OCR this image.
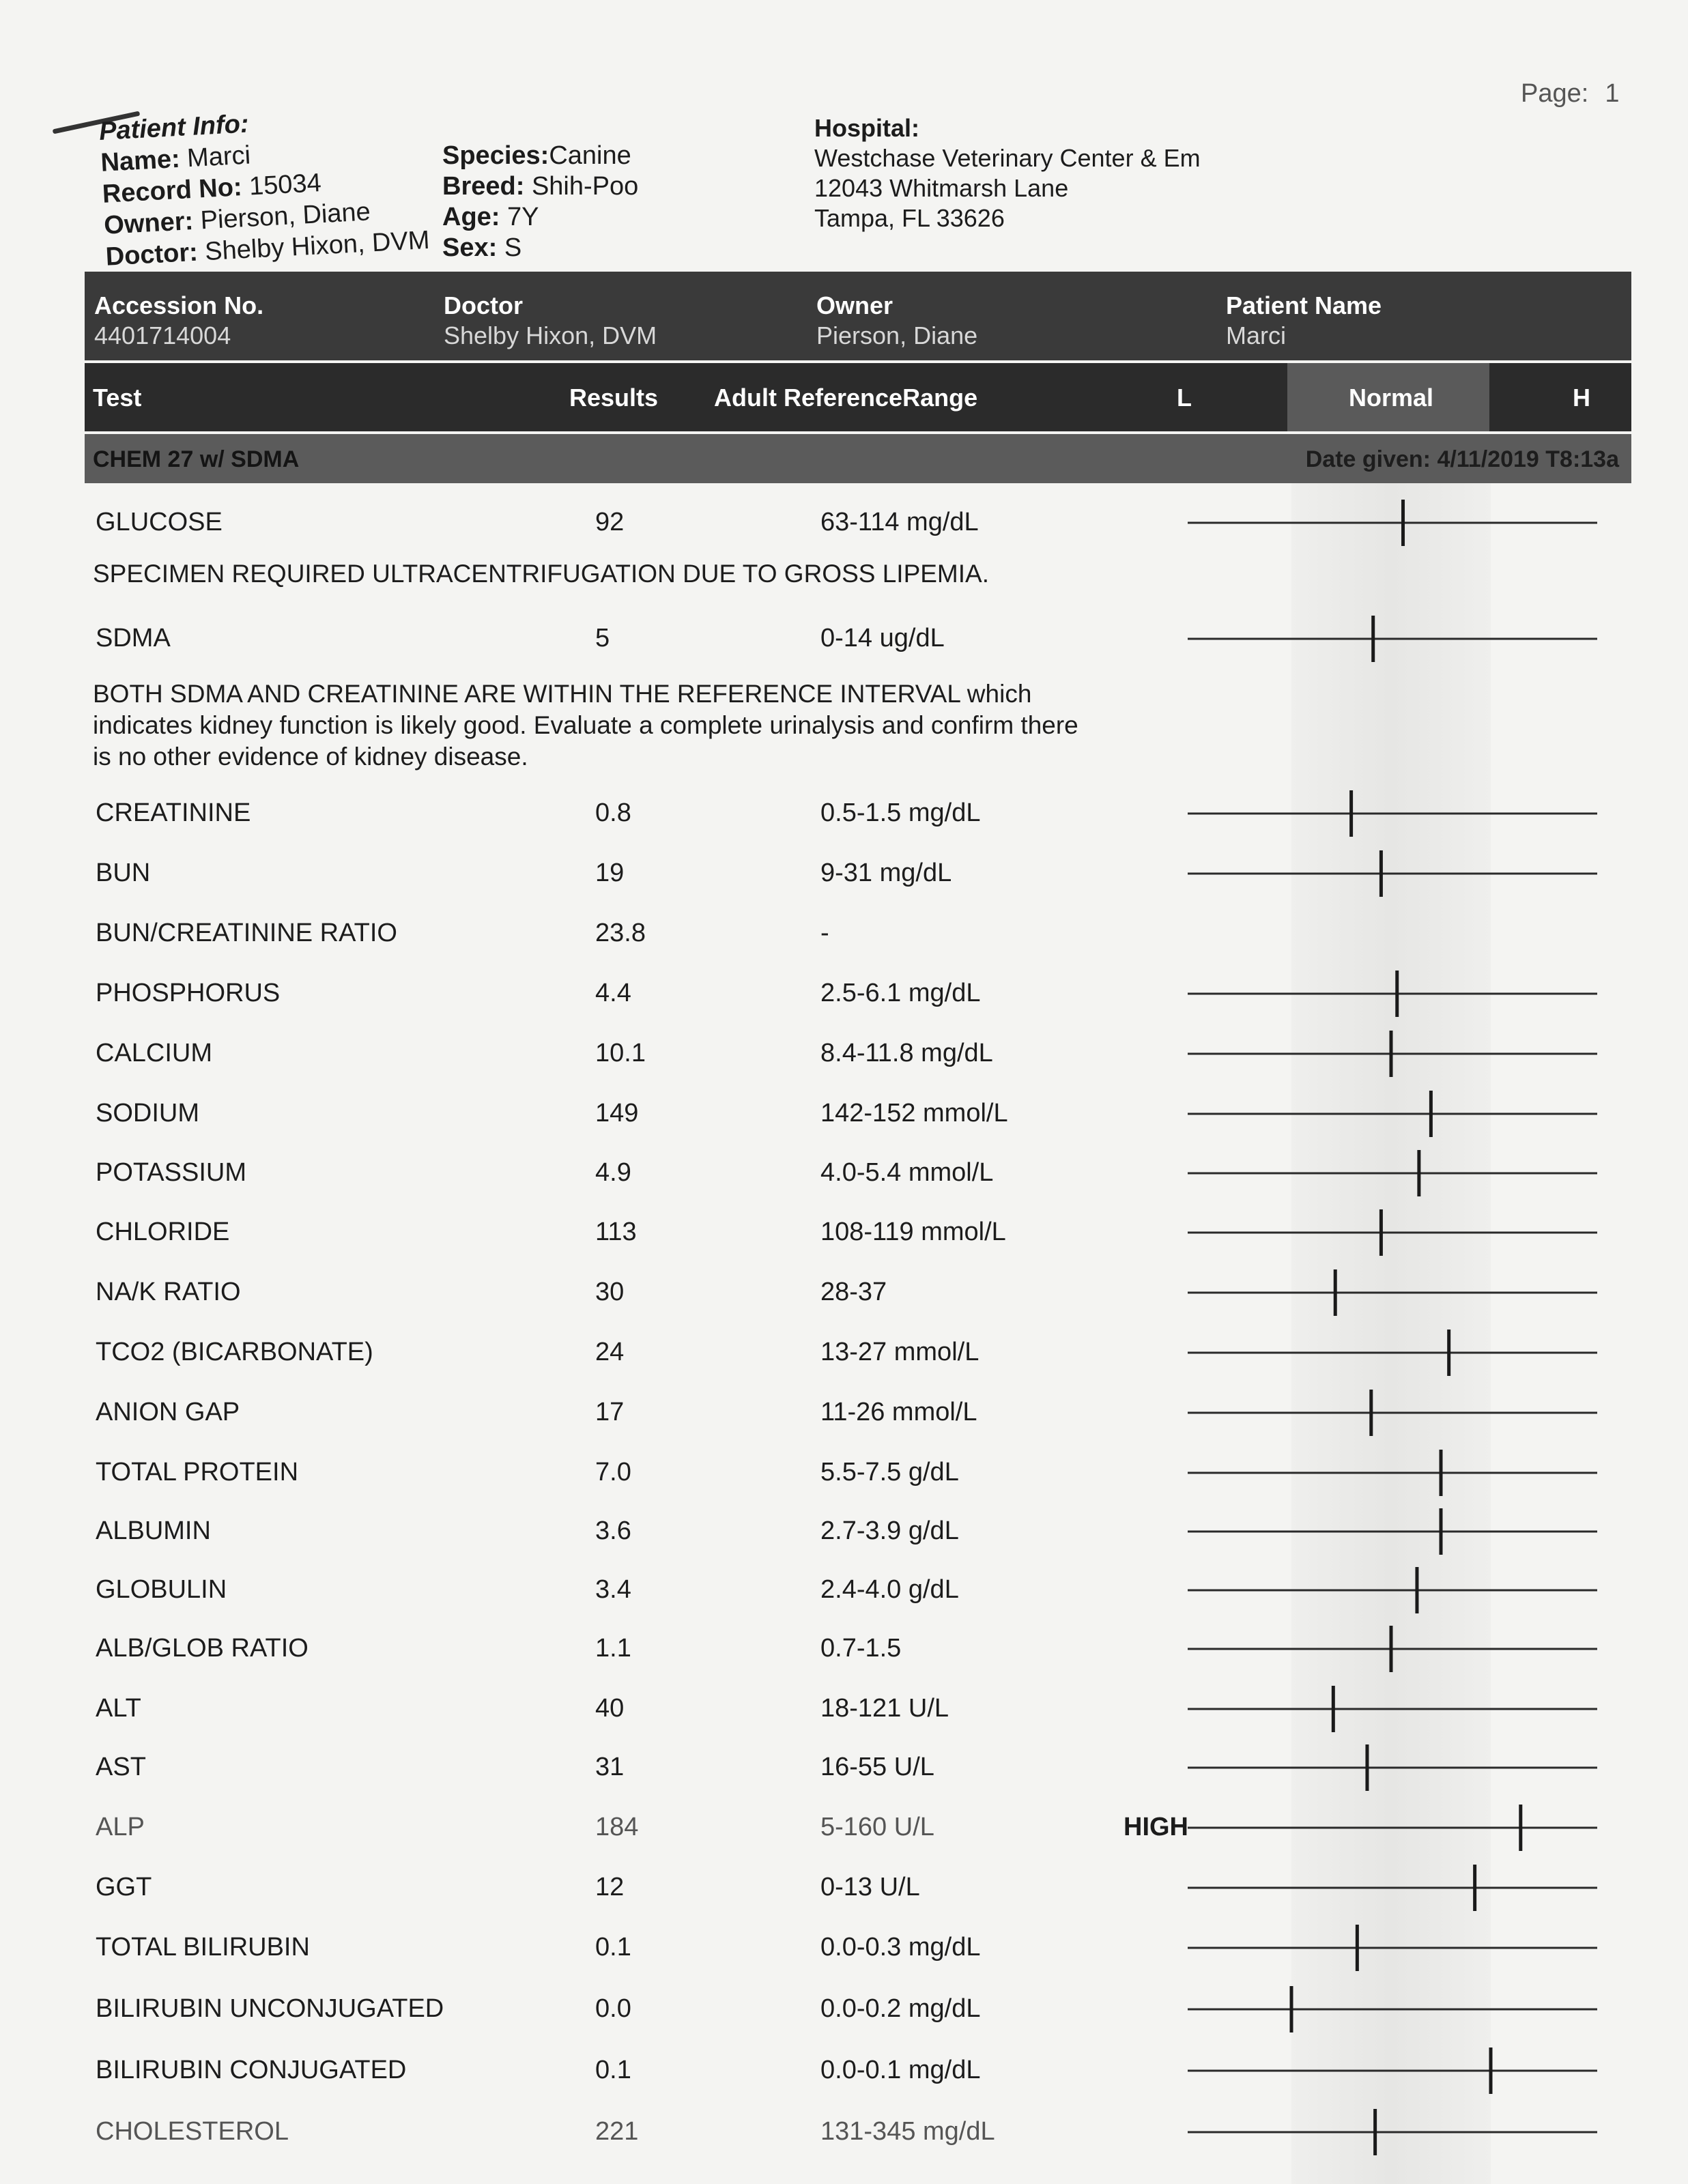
Page: 1
Patient Info:
Name: Marci
Record No: 15034
Owner: Pierson, Diane
Doctor: Shelby Hixon, DVM
Species:Canine
Breed: Shih-Poo
Age: 7Y
Sex: S
Hospital:
Westchase Veterinary Center & Em
12043 Whitmarsh Lane
Tampa, FL 33626
Accession No.
4401714004
Doctor
Shelby Hixon, DVM
Owner
Pierson, Diane
Patient Name
Marci
Test	Results Adult ReferenceRange	L	Normal	H
CHEM 27 w/ SDMA	Date given: 4/11/2019 T8:13a
SPECIMEN REQUIRED ULTRACENTRIFUGATION DUE TO GROSS LIPEMIA.
BOTH SDMA AND CREATININE ARE WITHIN THE REFERENCE INTERVAL which
indicates kidney function is likely good. Evaluate a complete urinalysis and confirm there
is no other evidence of kidney disease.
GLUCOSE	92	63-114 mg/dL
SDMA	5	0-14 ug/dL
CREATININE	0.8	0.5-1.5 mg/dL
BUN	19	9-31 mg/dL
BUN/CREATININE RATIO	23.8	-
PHOSPHORUS	4.4	2.5-6.1 mg/dL
CALCIUM	10.1	8.4-11.8 mg/dL
SODIUM	149	142-152 mmol/L
POTASSIUM	4.9	4.0-5.4 mmol/L
CHLORIDE	113	108-119 mmol/L
NA/K RATIO	30	28-37
TCO2 (BICARBONATE)	24	13-27 mmol/L
ANION GAP	17	11-26 mmol/L
TOTAL PROTEIN	7.0	5.5-7.5 g/dL
ALBUMIN	3.6	2.7-3.9 g/dL
GLOBULIN	3.4	2.4-4.0 g/dL
ALB/GLOB RATIO	1.1	0.7-1.5
ALT	40	18-121 U/L
AST	31	16-55 U/L
ALP	184	5-160 U/L	HIGH
GGT	12	0-13 U/L
TOTAL BILIRUBIN	0.1	0.0-0.3 mg/dL
BILIRUBIN UNCONJUGATED	0.0	0.0-0.2 mg/dL
BILIRUBIN CONJUGATED	0.1	0.0-0.1 mg/dL
CHOLESTEROL	221	131-345 mg/dL
